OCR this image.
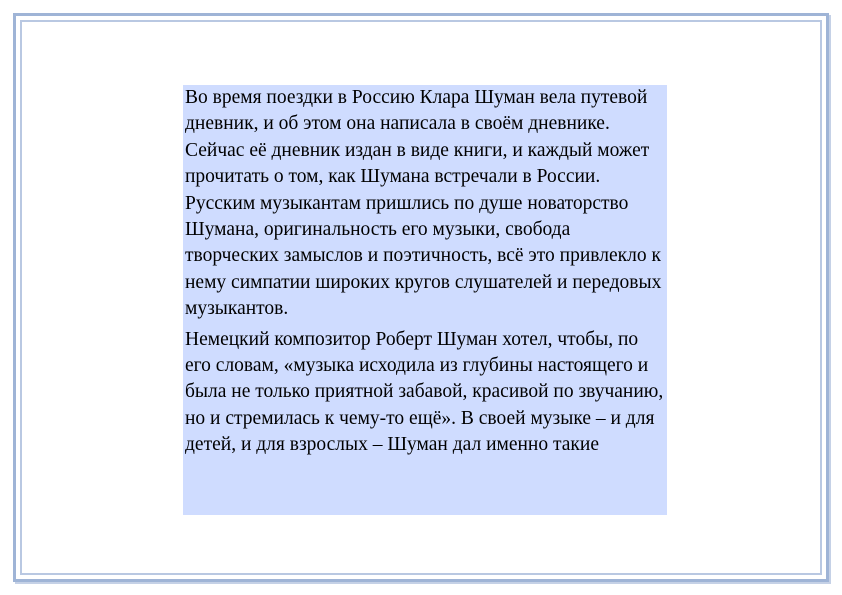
Во время поездки в Россию Клара Шуман вела путевой дневник, и об этом она написала в своём дневнике. Сейчас её дневник издан в виде книги, и каждый может прочитать о том, как Шумана встречали в России. Русским музыкантам пришлись по душе новаторство Шумана, оригинальность его музыки, свобода творческих замыслов и поэтичность, всё это привлекло к нему симпатии широких кругов слушателей и передовых музыкантов.

Немецкий композитор Роберт Шуман хотел, чтобы, по его словам, «музыка исходила из глубины настоящего и была не только приятной забавой, красивой по звучанию, но и стремилась к чему-то ещё». В своей музыке – и для детей, и для взрослых – Шуман дал именно такие
